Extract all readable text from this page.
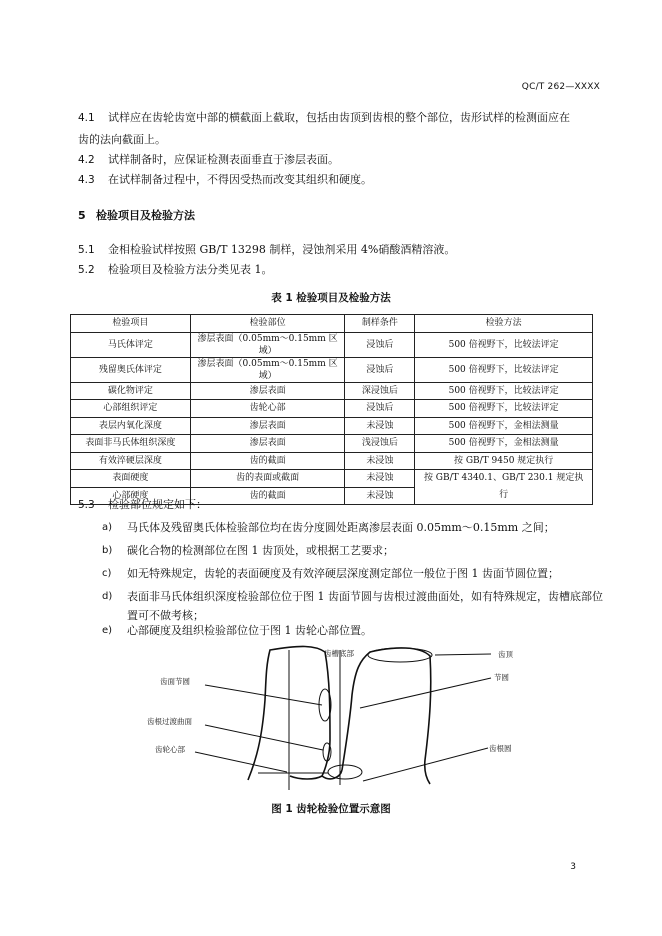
QC/T 262—XXXX
4.1 试样应在齿轮齿宽中部的横截面上截取，包括由齿顶到齿根的整个部位，齿形试样的检测面应在
齿的法向截面上。
4.2 试样制备时，应保证检测表面垂直于渗层表面。
4.3 在试样制备过程中，不得因受热而改变其组织和硬度。
5 检验项目及检验方法
5.1 金相检验试样按照 GB/T 13298 制样，浸蚀剂采用 4%硝酸酒精溶液。
5.2 检验项目及检验方法分类见表 1。
表 1 检验项目及检验方法
检验项目	检验部位	制样条件	检验方法
马氏体评定	渗层表面（0.05mm～0.15mm 区域）	浸蚀后	500 倍视野下，比较法评定
残留奥氏体评定	渗层表面（0.05mm～0.15mm 区域）	浸蚀后	500 倍视野下，比较法评定
碳化物评定	渗层表面	深浸蚀后	500 倍视野下，比较法评定
心部组织评定	齿轮心部	浸蚀后	500 倍视野下，比较法评定
表层内氧化深度	渗层表面	未浸蚀	500 倍视野下，金相法测量
表面非马氏体组织深度	渗层表面	浅浸蚀后	500 倍视野下，金相法测量
有效淬硬层深度	齿的截面	未浸蚀	按 GB/T 9450 规定执行
表面硬度	齿的表面或截面	未浸蚀	按 GB/T 4340.1、GB/T 230.1 规定执行
心部硬度	齿的截面	未浸蚀	
5.3 检验部位规定如下：
a)	马氏体及残留奥氏体检验部位均在齿分度圆处距离渗层表面 0.05mm～0.15mm 之间；
b)	碳化合物的检测部位在图 1 齿顶处，或根据工艺要求；
c)	如无特殊规定，齿轮的表面硬度及有效淬硬层深度测定部位一般位于图 1 齿面节圆位置；
d)	表面非马氏体组织深度检验部位位于图 1 齿面节圆与齿根过渡曲面处，如有特殊规定，齿槽底部位置可不做考核；
e)	心部硬度及组织检验部位位于图 1 齿轮心部位置。
齿槽底部	齿顶
齿面节圆	节圆
齿根过渡曲面
齿根圆
齿轮心部
图 1 齿轮检验位置示意图
3
